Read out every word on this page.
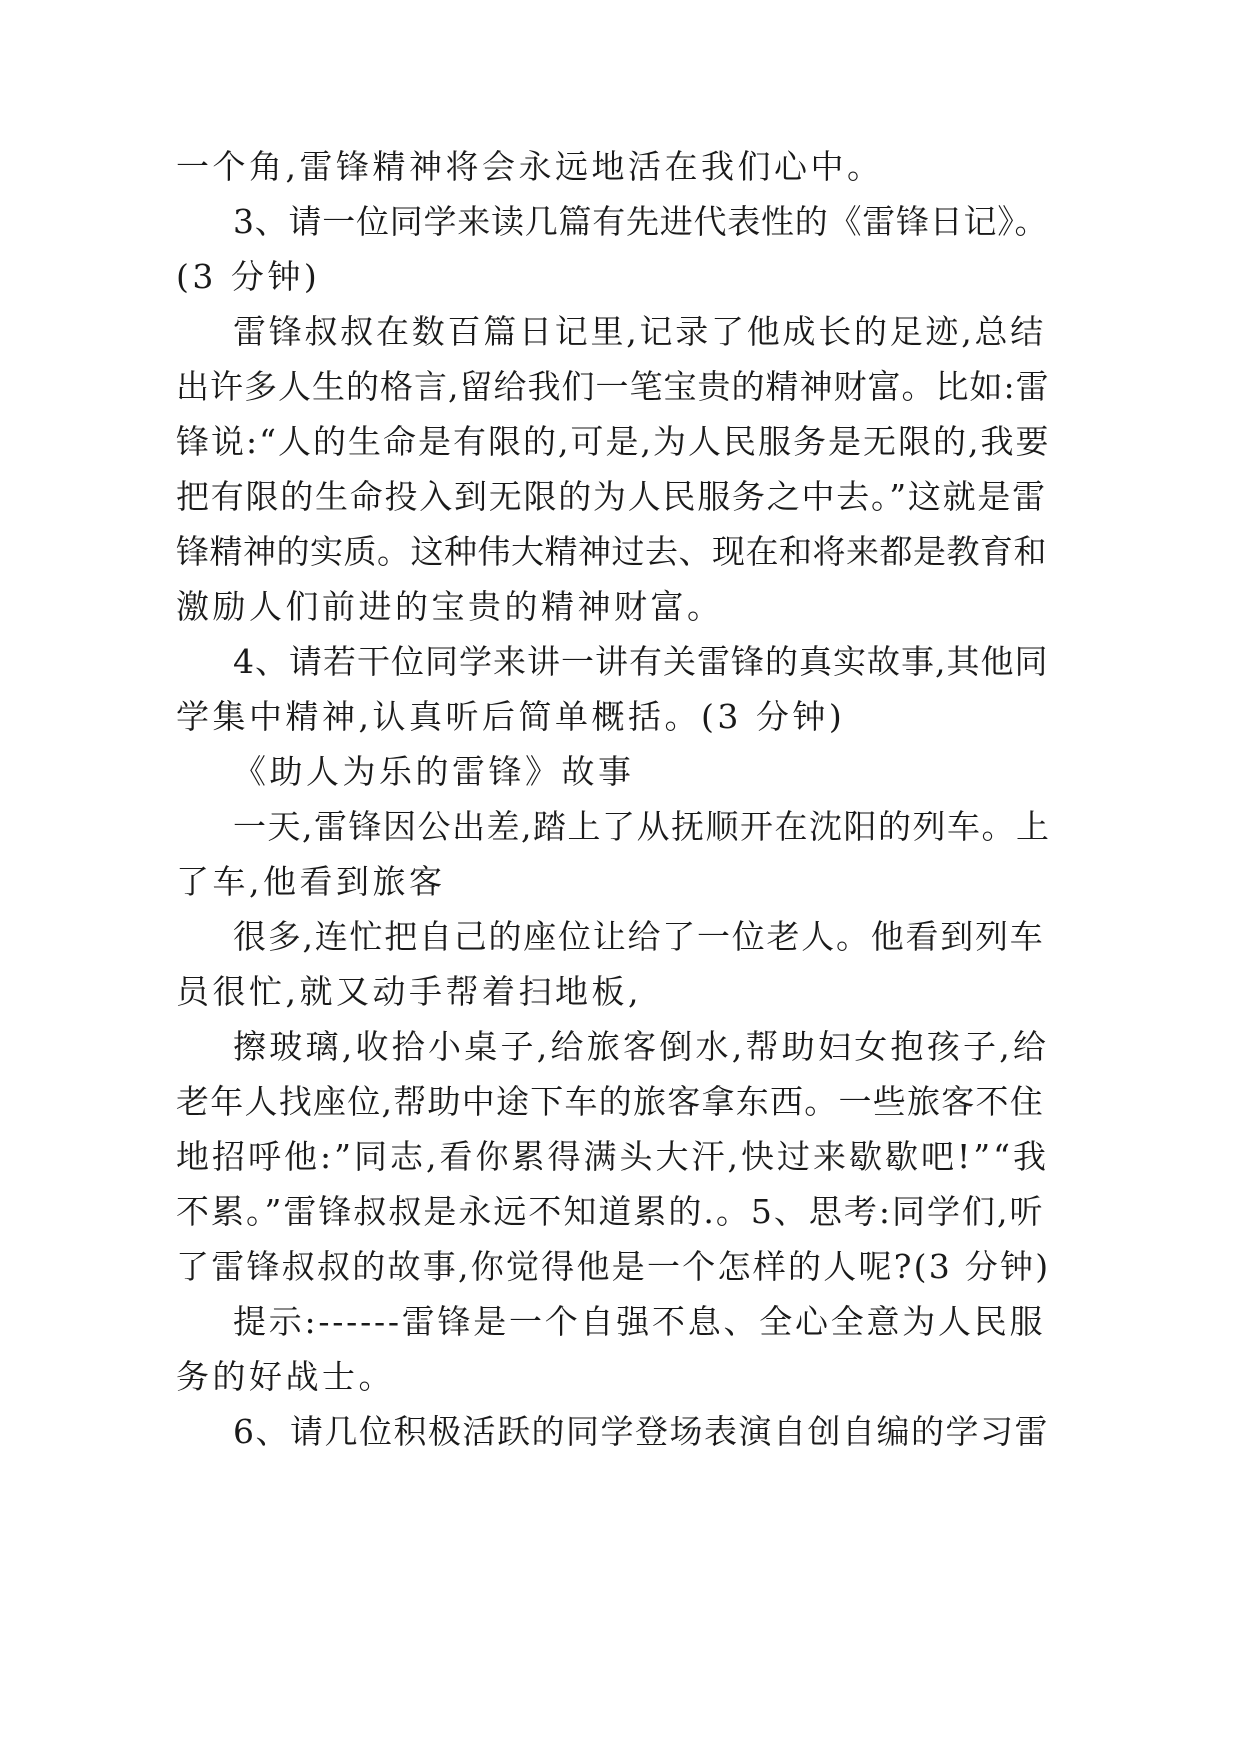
一个角,雷锋精神将会永远地活在我们心中。
3、请一位同学来读几篇有先进代表性的《雷锋日记》。
(3 分钟)
雷锋叔叔在数百篇日记里,记录了他成长的足迹,总结
出许多人生的格言,留给我们一笔宝贵的精神财富。比如:雷
锋说:“人的生命是有限的,可是,为人民服务是无限的,我要
把有限的生命投入到无限的为人民服务之中去。”这就是雷
锋精神的实质。这种伟大精神过去、现在和将来都是教育和
激励人们前进的宝贵的精神财富。
4、请若干位同学来讲一讲有关雷锋的真实故事,其他同
学集中精神,认真听后简单概括。(3 分钟)
《助人为乐的雷锋》故事
一天,雷锋因公出差,踏上了从抚顺开在沈阳的列车。上
了车,他看到旅客
很多,连忙把自己的座位让给了一位老人。他看到列车
员很忙,就又动手帮着扫地板,
擦玻璃,收拾小桌子,给旅客倒水,帮助妇女抱孩子,给
老年人找座位,帮助中途下车的旅客拿东西。一些旅客不住
地招呼他:”同志,看你累得满头大汗,快过来歇歇吧!”“我
不累。”雷锋叔叔是永远不知道累的.。5、思考:同学们,听
了雷锋叔叔的故事,你觉得他是一个怎样的人呢?(3 分钟)
提示:------雷锋是一个自强不息、全心全意为人民服
务的好战士。
6、请几位积极活跃的同学登场表演自创自编的学习雷
